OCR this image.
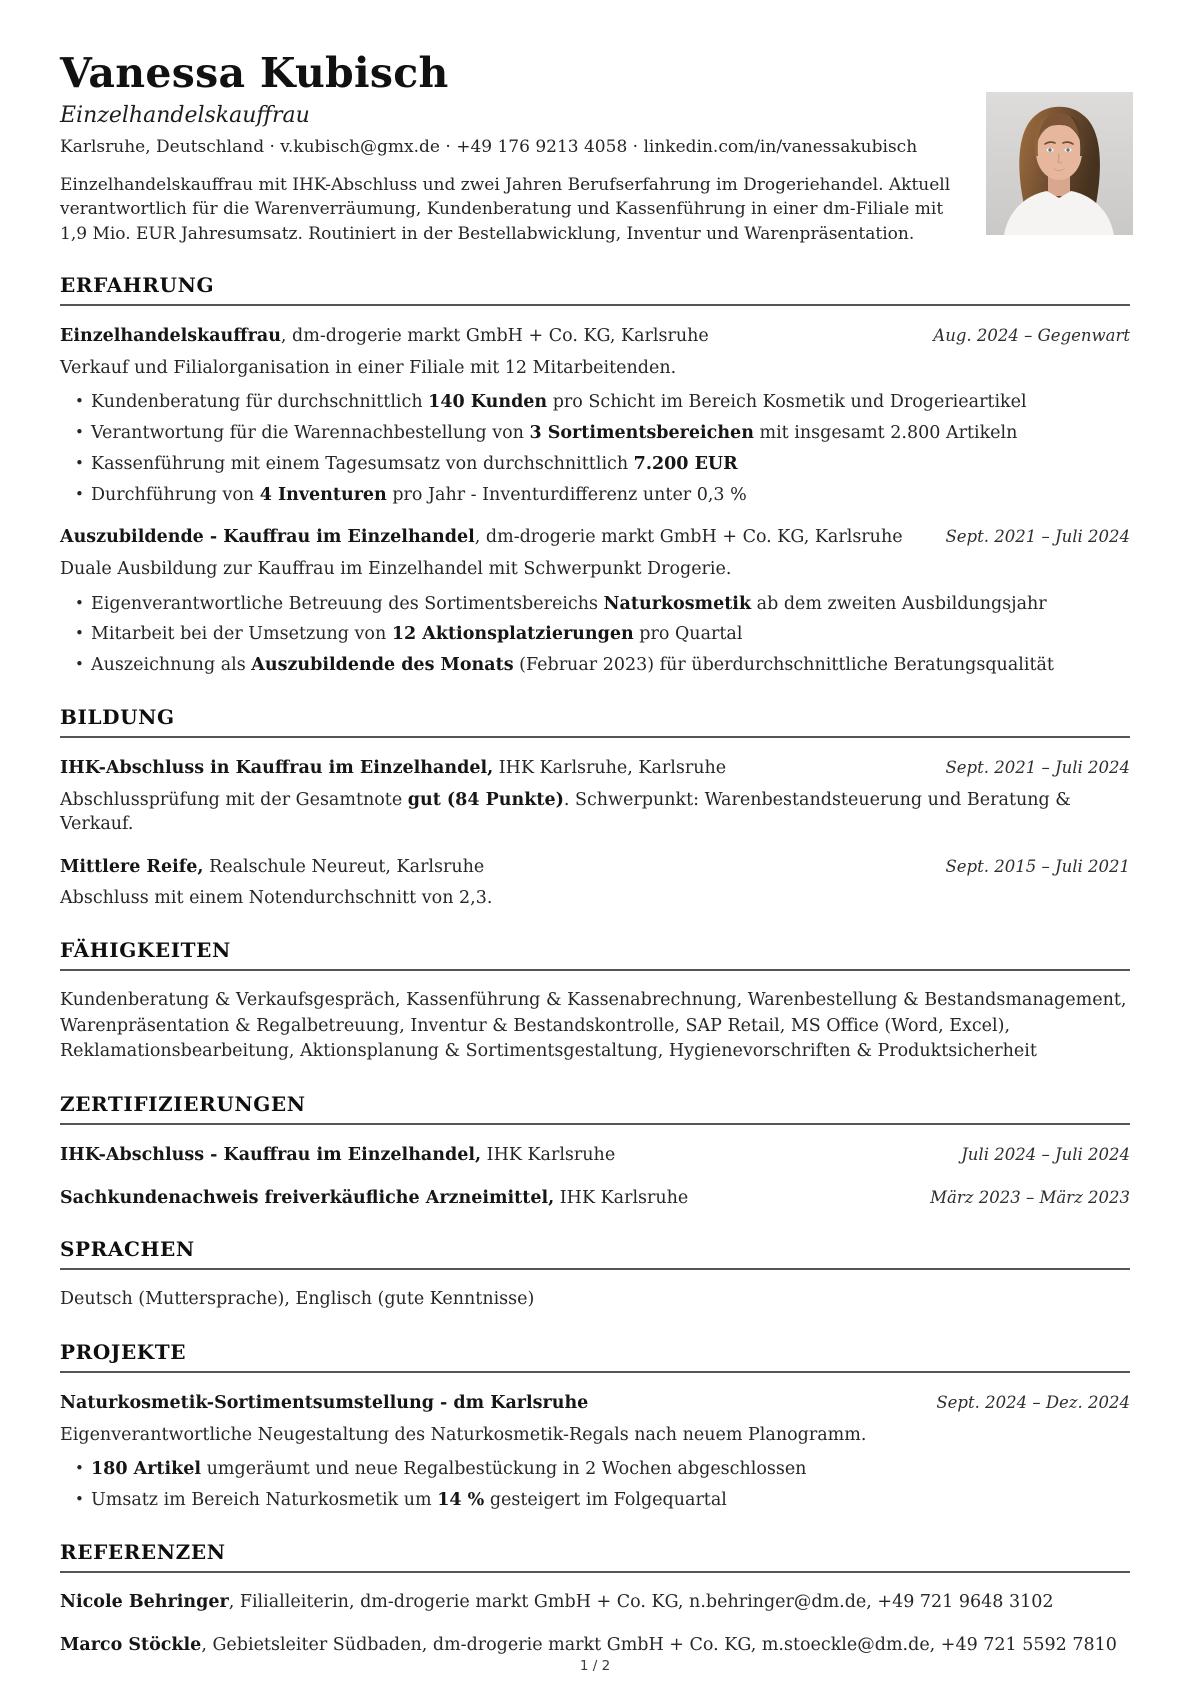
Vanessa Kubisch
Einzelhandelskauffrau
Karlsruhe, Deutschland · v.kubisch@gmx.de · +49 176 9213 4058 · linkedin.com/in/vanessakubisch

Einzelhandelskauffrau mit IHK-Abschluss und zwei Jahren Berufserfahrung im Drogeriehandel. Aktuell verantwortlich für die Warenverräumung, Kundenberatung und Kassenführung in einer dm-Filiale mit 1,9 Mio. EUR Jahresumsatz. Routiniert in der Bestellabwicklung, Inventur und Warenpräsentation.

ERFAHRUNG
Einzelhandelskauffrau, dm-drogerie markt GmbH + Co. KG, Karlsruhe	Aug. 2024 – Gegenwart

Verkauf und Filialorganisation in einer Filiale mit 12 Mitarbeitenden.

• Kundenberatung für durchschnittlich 140 Kunden pro Schicht im Bereich Kosmetik und Drogerieartikel
• Verantwortung für die Warennachbestellung von 3 Sortimentsbereichen mit insgesamt 2.800 Artikeln
• Kassenführung mit einem Tagesumsatz von durchschnittlich 7.200 EUR
• Durchführung von 4 Inventuren pro Jahr - Inventurdifferenz unter 0,3 %
Auszubildende - Kauffrau im Einzelhandel, dm-drogerie markt GmbH + Co. KG, Karlsruhe	Sept. 2021 – Juli 2024

Duale Ausbildung zur Kauffrau im Einzelhandel mit Schwerpunkt Drogerie.

• Eigenverantwortliche Betreuung des Sortimentsbereichs Naturkosmetik ab dem zweiten Ausbildungsjahr
• Mitarbeit bei der Umsetzung von 12 Aktionsplatzierungen pro Quartal
• Auszeichnung als Auszubildende des Monats (Februar 2023) für überdurchschnittliche Beratungsqualität
BILDUNG
IHK-Abschluss in Kauffrau im Einzelhandel, IHK Karlsruhe, Karlsruhe	Sept. 2021 – Juli 2024

Abschlussprüfung mit der Gesamtnote gut (84 Punkte). Schwerpunkt: Warenbestandsteuerung und Beratung & Verkauf.

Mittlere Reife, Realschule Neureut, Karlsruhe	Sept. 2015 – Juli 2021

Abschluss mit einem Notendurchschnitt von 2,3.

FÄHIGKEITEN

Kundenberatung & Verkaufsgespräch, Kassenführung & Kassenabrechnung, Warenbestellung & Bestandsmanagement, Warenpräsentation & Regalbetreuung, Inventur & Bestandskontrolle, SAP Retail, MS Office (Word, Excel), Reklamationsbearbeitung, Aktionsplanung & Sortimentsgestaltung, Hygienevorschriften & Produktsicherheit

ZERTIFIZIERUNGEN
IHK-Abschluss - Kauffrau im Einzelhandel, IHK Karlsruhe	Juli 2024 – Juli 2024
Sachkundenachweis freiverkäufliche Arzneimittel, IHK Karlsruhe	März 2023 – März 2023
SPRACHEN

Deutsch (Muttersprache), Englisch (gute Kenntnisse)

PROJEKTE
Naturkosmetik-Sortimentsumstellung - dm Karlsruhe	Sept. 2024 – Dez. 2024

Eigenverantwortliche Neugestaltung des Naturkosmetik-Regals nach neuem Planogramm.

• 180 Artikel umgeräumt und neue Regalbestückung in 2 Wochen abgeschlossen
• Umsatz im Bereich Naturkosmetik um 14 % gesteigert im Folgequartal
REFERENZEN

Nicole Behringer, Filialleiterin, dm-drogerie markt GmbH + Co. KG, n.behringer@dm.de, +49 721 9648 3102

Marco Stöckle, Gebietsleiter Südbaden, dm-drogerie markt GmbH + Co. KG, m.stoeckle@dm.de, +49 721 5592 7810

1 / 2
